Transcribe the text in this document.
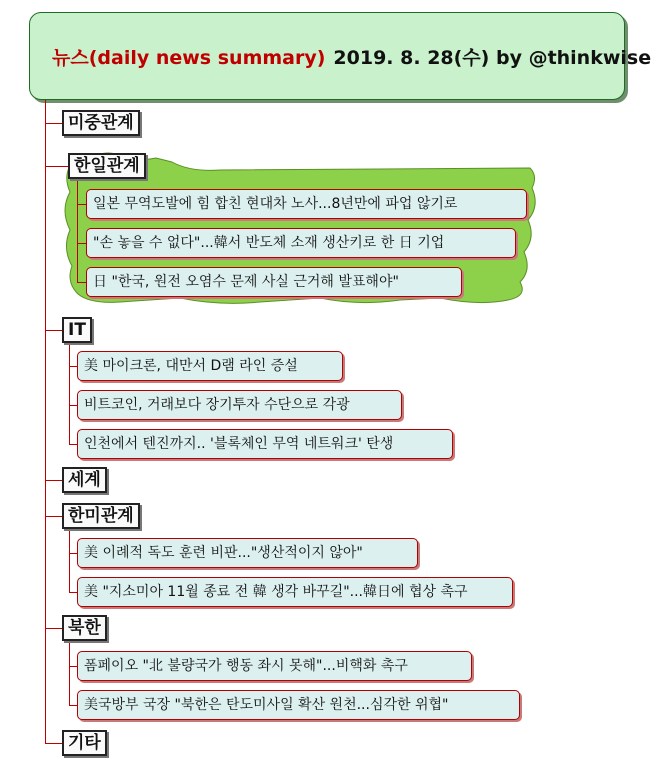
뉴스(daily news summary) 2019. 8. 28(수) by @thinkwise
미중관계
한일관계
IT
세계
한미관계
북한
기타
일본 무역도발에 힘 합친 현대차 노사...8년만에 파업 않기로
"손 놓을 수 없다"...韓서 반도체 소재 생산키로 한 日 기업
日 "한국, 원전 오염수 문제 사실 근거해 발표해야"
美 마이크론, 대만서 D램 라인 증설
비트코인, 거래보다 장기투자 수단으로 각광
인천에서 텐진까지.. '블록체인 무역 네트워크' 탄생
美 이례적 독도 훈련 비판..."생산적이지 않아"
美 "지소미아 11월 종료 전 韓 생각 바꾸길"...韓日에 협상 촉구
폼페이오 "北 불량국가 행동 좌시 못해"...비핵화 촉구
美국방부 국장 "북한은 탄도미사일 확산 원천...심각한 위협"
